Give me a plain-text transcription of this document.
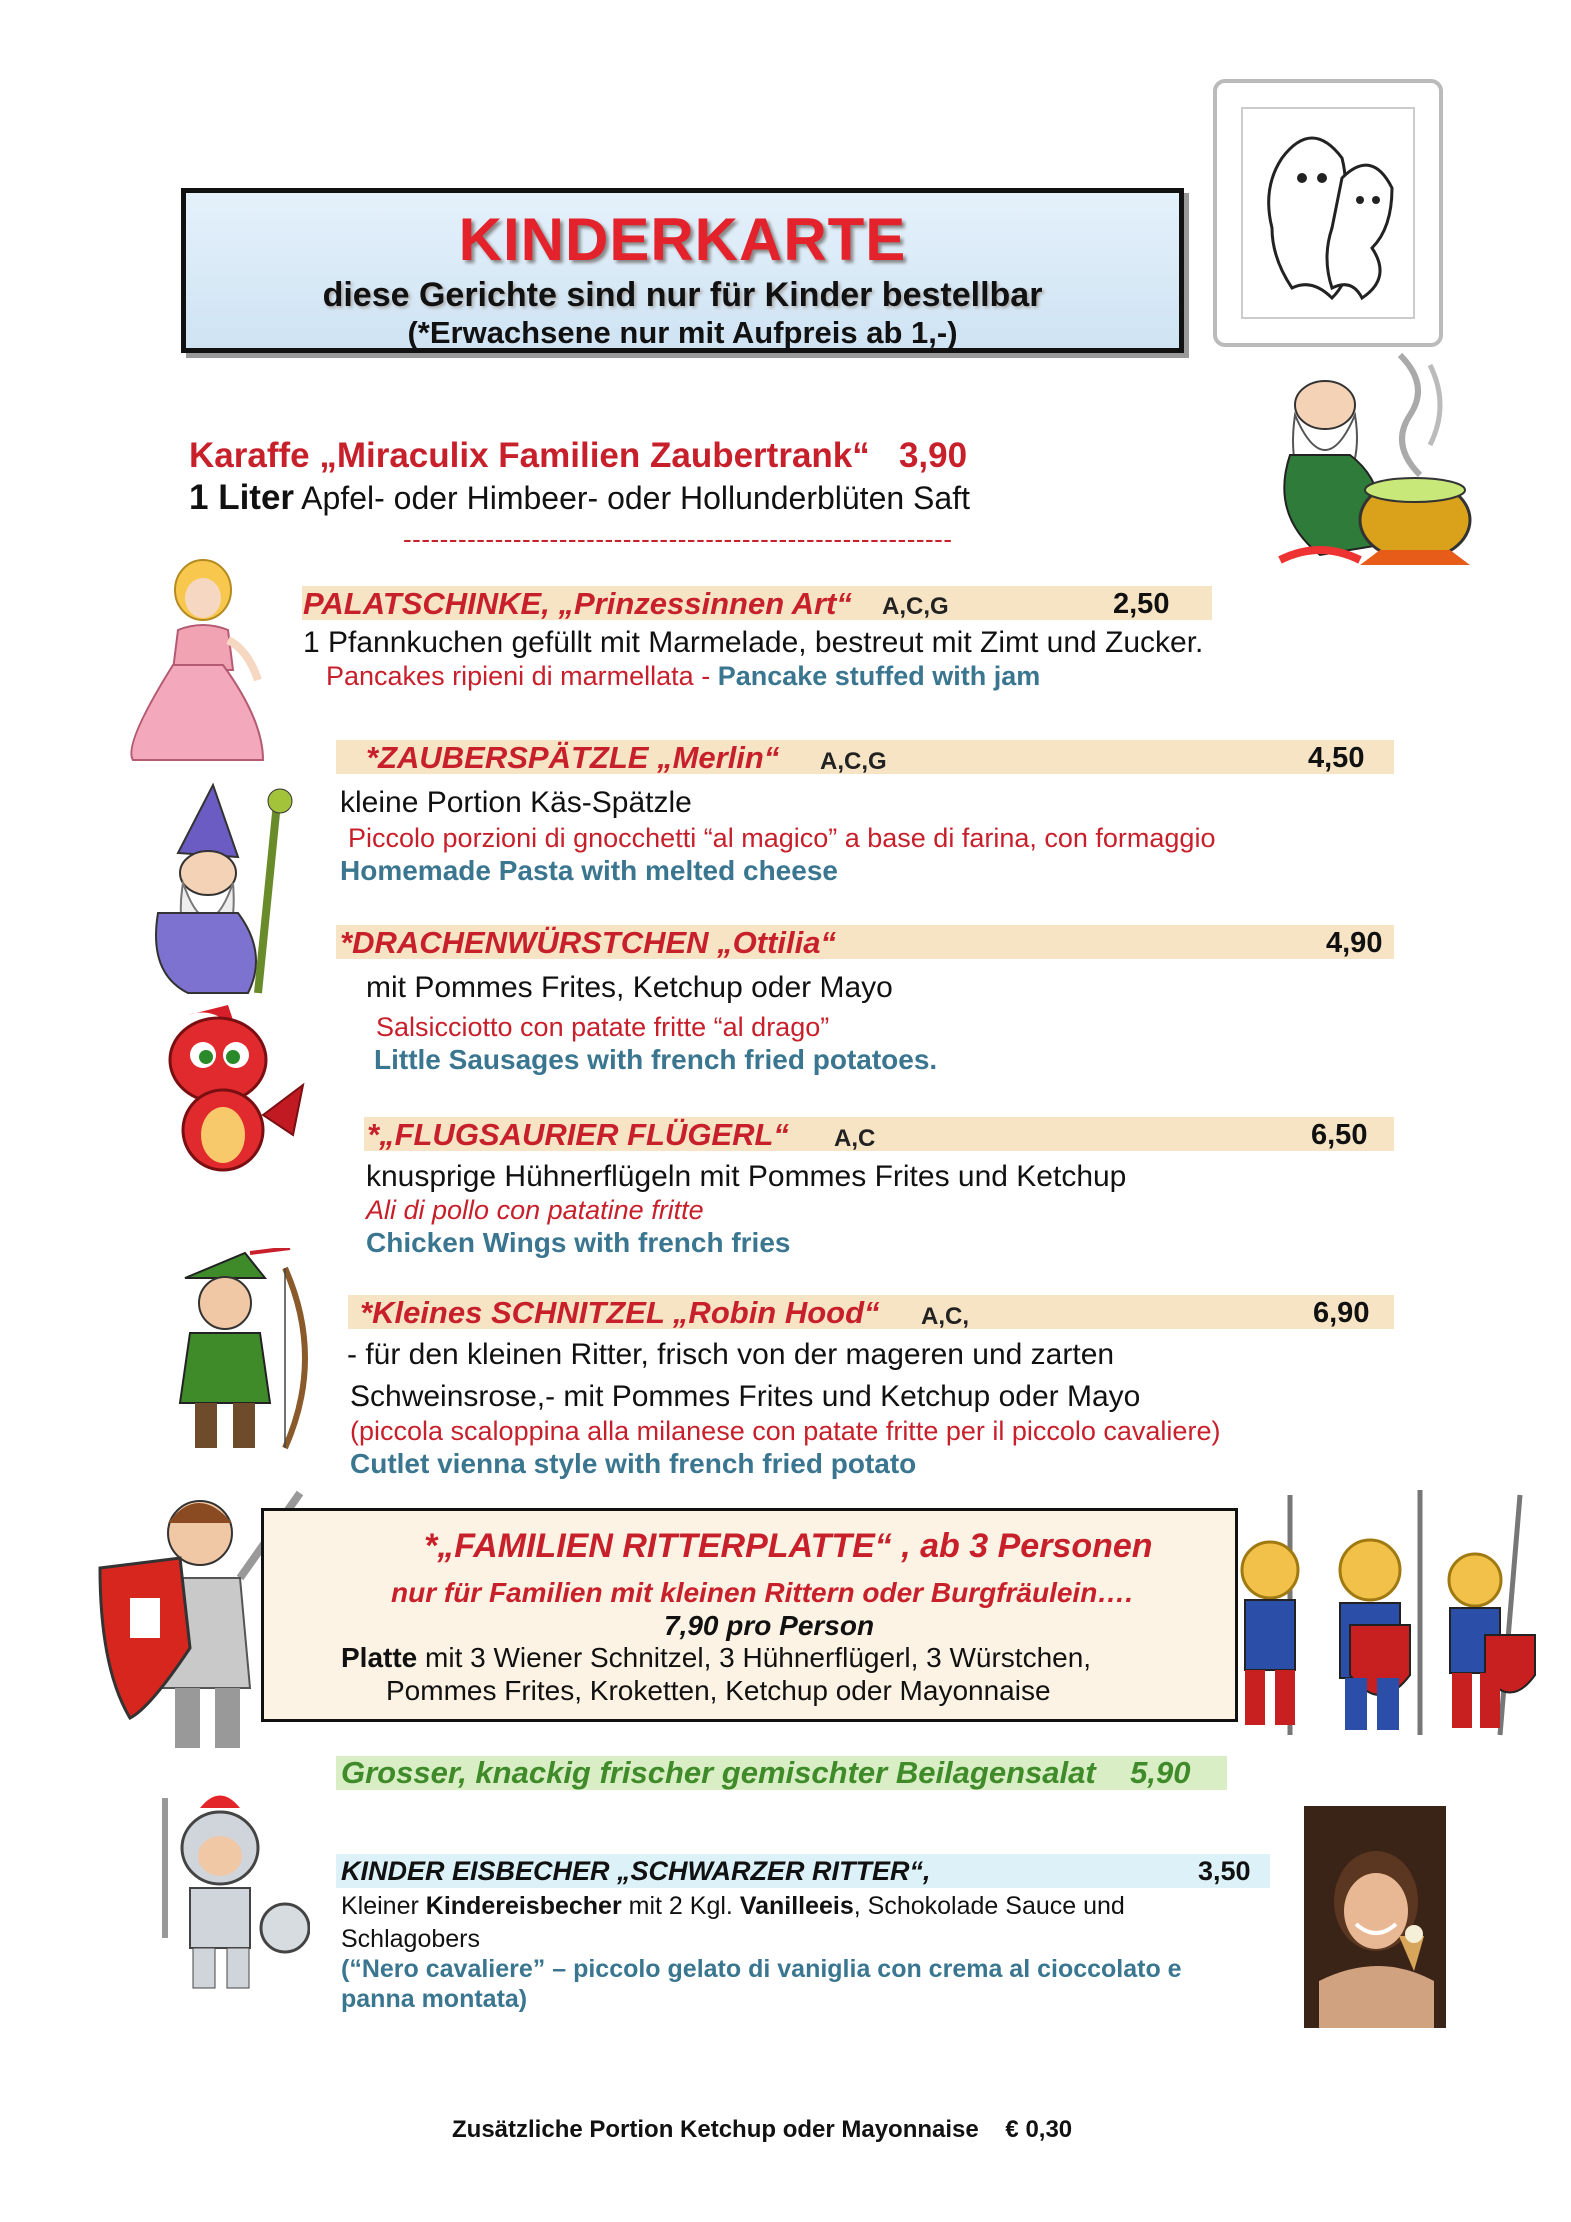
KINDERKARTE
diese Gerichte sind nur für Kinder bestellbar
(*Erwachsene nur mit Aufpreis ab 1,-)
Karaffe „Miraculix Familien Zaubertrank“ 3,90
1 Liter Apfel- oder Himbeer- oder Hollunderblüten Saft
------------------------------------------------------------
PALATSCHINKE, „Prinzessinnen Art“ A,C,G	2,50
1 Pfannkuchen gefüllt mit Marmelade, bestreut mit Zimt und Zucker.
Pancakes ripieni di marmellata - Pancake stuffed with jam
*ZAUBERSPÄTZLE „Merlin“ A,C,G	4,50
kleine Portion Käs-Spätzle
Piccolo porzioni di gnocchetti “al magico” a base di farina, con formaggio
Homemade Pasta with melted cheese
*DRACHENWÜRSTCHEN „Ottilia“	4,90
mit Pommes Frites, Ketchup oder Mayo
Salsicciotto con patate fritte “al drago”
Little Sausages with french fried potatoes.
*„FLUGSAURIER FLÜGERL“ A,C	6,50
knusprige Hühnerflügeln mit Pommes Frites und Ketchup
Ali di pollo con patatine fritte
Chicken Wings with french fries
*Kleines SCHNITZEL „Robin Hood“ A,C,	6,90
- für den kleinen Ritter, frisch von der mageren und zarten
Schweinsrose,- mit Pommes Frites und Ketchup oder Mayo
(piccola scaloppina alla milanese con patate fritte per il piccolo cavaliere)
Cutlet vienna style with french fried potato
*„FAMILIEN RITTERPLATTE“ , ab 3 Personen
nur für Familien mit kleinen Rittern oder Burgfräulein….
7,90 pro Person
Platte mit 3 Wiener Schnitzel, 3 Hühnerflügerl, 3 Würstchen,
Pommes Frites, Kroketten, Ketchup oder Mayonnaise
Grosser, knackig frischer gemischter Beilagensalat 5,90
KINDER EISBECHER „SCHWARZER RITTER“,	3,50
Kleiner Kindereisbecher mit 2 Kgl. Vanilleeis, Schokolade Sauce und
Schlagobers
(“Nero cavaliere” – piccolo gelato di vaniglia con crema al cioccolato e
panna montata)
Zusätzliche Portion Ketchup oder Mayonnaise € 0,30
